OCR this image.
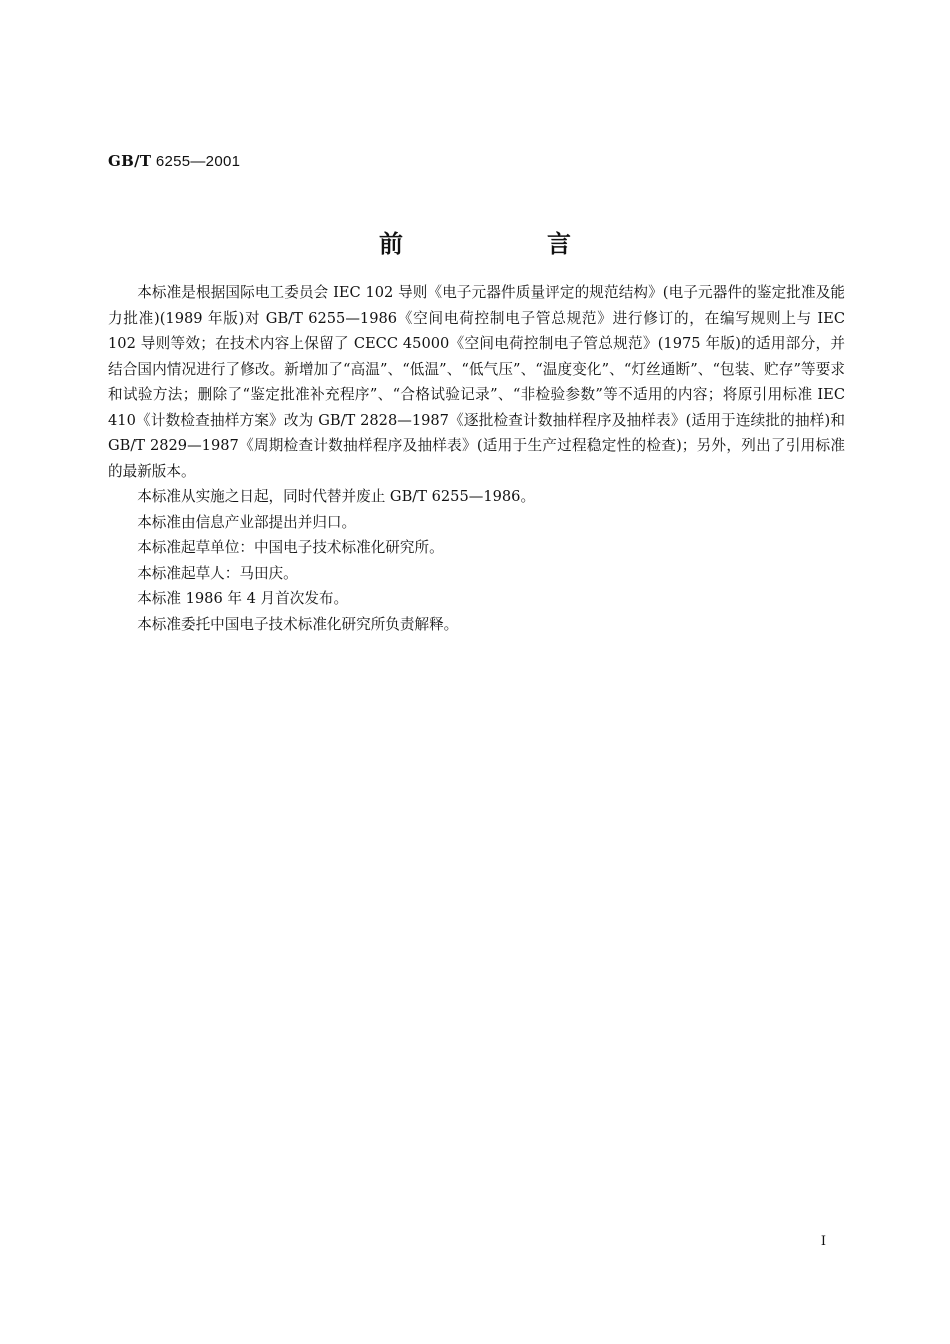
GB/T 6255—2001
前　言

本标准是根据国际电工委员会 IEC 102 导则《电子元器件质量评定的规范结构》(电子元器件的鉴定批准及能力批准)(1989 年版)对 GB/T 6255—1986《空间电荷控制电子管总规范》进行修订的，在编写规则上与 IEC 102 导则等效；在技术内容上保留了 CECC 45000《空间电荷控制电子管总规范》(1975 年版)的适用部分，并结合国内情况进行了修改。新增加了“高温”、“低温”、“低气压”、“温度变化”、“灯丝通断”、“包装、贮存”等要求和试验方法；删除了“鉴定批准补充程序”、“合格试验记录”、“非检验参数”等不适用的内容；将原引用标准 IEC 410《计数检查抽样方案》改为 GB/T 2828—1987《逐批检查计数抽样程序及抽样表》(适用于连续批的抽样)和 GB/T 2829—1987《周期检查计数抽样程序及抽样表》(适用于生产过程稳定性的检查)；另外，列出了引用标准的最新版本。

本标准从实施之日起，同时代替并废止 GB/T 6255—1986。

本标准由信息产业部提出并归口。

本标准起草单位：中国电子技术标准化研究所。

本标准起草人：马田庆。

本标准 1986 年 4 月首次发布。

本标准委托中国电子技术标准化研究所负责解释。

I
